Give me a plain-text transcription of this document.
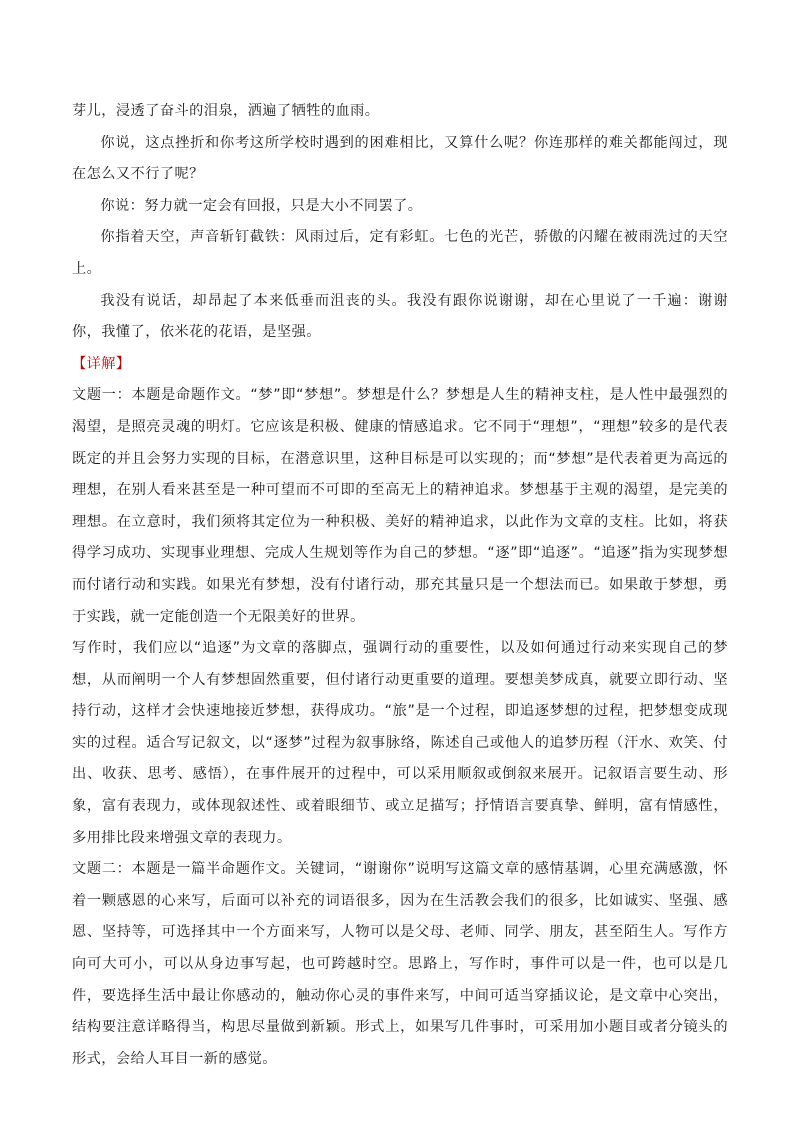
芽儿，浸透了奋斗的泪泉，洒遍了牺牲的血雨。

你说，这点挫折和你考这所学校时遇到的困难相比，又算什么呢？你连那样的难关都能闯过，现在怎么又不行了呢？

你说：努力就一定会有回报，只是大小不同罢了。

你指着天空，声音斩钉截铁：风雨过后，定有彩虹。七色的光芒，骄傲的闪耀在被雨洗过的天空上。

我没有说话，却昂起了本来低垂而沮丧的头。我没有跟你说谢谢，却在心里说了一千遍：谢谢你，我懂了，依米花的花语，是坚强。

【详解】

文题一：本题是命题作文。“梦”即“梦想”。梦想是什么？梦想是人生的精神支柱，是人性中最强烈的渴望，是照亮灵魂的明灯。它应该是积极、健康的情感追求。它不同于“理想”，“理想”较多的是代表既定的并且会努力实现的目标，在潜意识里，这种目标是可以实现的；而“梦想”是代表着更为高远的理想，在别人看来甚至是一种可望而不可即的至高无上的精神追求。梦想基于主观的渴望，是完美的理想。在立意时，我们须将其定位为一种积极、美好的精神追求，以此作为文章的支柱。比如，将获得学习成功、实现事业理想、完成人生规划等作为自己的梦想。“逐”即“追逐”。“追逐”指为实现梦想而付诸行动和实践。如果光有梦想，没有付诸行动，那充其量只是一个想法而已。如果敢于梦想，勇于实践，就一定能创造一个无限美好的世界。

写作时，我们应以“追逐”为文章的落脚点，强调行动的重要性，以及如何通过行动来实现自己的梦想，从而阐明一个人有梦想固然重要，但付诸行动更重要的道理。要想美梦成真，就要立即行动、坚持行动，这样才会快速地接近梦想，获得成功。“旅”是一个过程，即追逐梦想的过程，把梦想变成现实的过程。适合写记叙文，以“逐梦”过程为叙事脉络，陈述自己或他人的追梦历程（汗水、欢笑、付出、收获、思考、感悟），在事件展开的过程中，可以采用顺叙或倒叙来展开。记叙语言要生动、形象，富有表现力，或体现叙述性、或着眼细节、或立足描写；抒情语言要真挚、鲜明，富有情感性，多用排比段来增强文章的表现力。

文题二：本题是一篇半命题作文。关键词，“谢谢你”说明写这篇文章的感情基调，心里充满感激，怀着一颗感恩的心来写，后面可以补充的词语很多，因为在生活教会我们的很多，比如诚实、坚强、感恩、坚持等，可选择其中一个方面来写，人物可以是父母、老师、同学、朋友，甚至陌生人。写作方向可大可小，可以从身边事写起，也可跨越时空。思路上，写作时，事件可以是一件，也可以是几件，要选择生活中最让你感动的，触动你心灵的事件来写，中间可适当穿插议论，是文章中心突出，结构要注意详略得当，构思尽量做到新颖。形式上，如果写几件事时，可采用加小题目或者分镜头的形式，会给人耳目一新的感觉。
